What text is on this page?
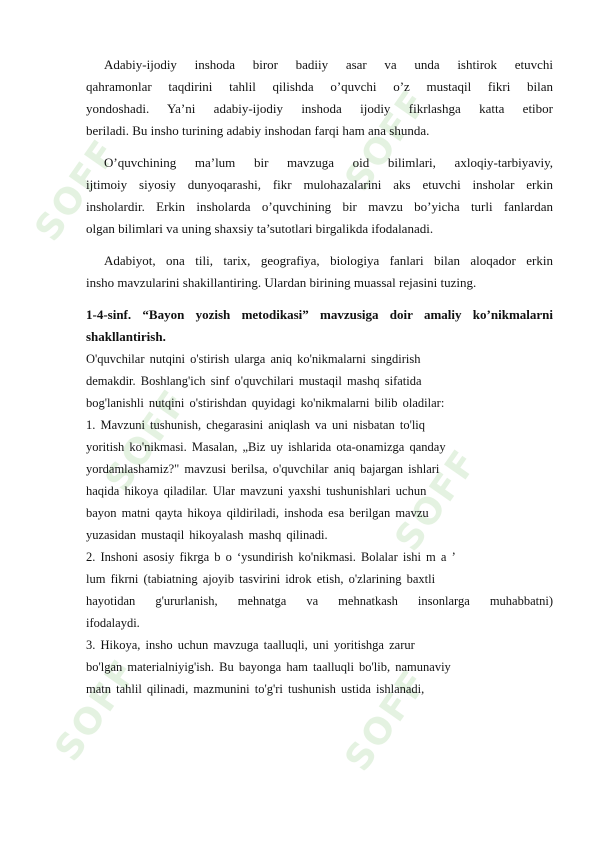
SOFF	SOFF
SOFF
SOFF
SOFF	SOFF

Adabiy-ijodiy inshoda biror badiiy asar va unda ishtirok etuvchi
qahramonlar taqdirini tahlil qilishda o’quvchi o’z mustaqil fikri bilan
yondoshadi. Ya’ni adabiy-ijodiy inshoda ijodiy fikrlashga katta etibor
beriladi. Bu insho turining adabiy inshodan farqi ham ana shunda.

O’quvchining ma’lum bir mavzuga oid bilimlari, axloqiy-tarbiyaviy,
ijtimoiy siyosiy dunyoqarashi, fikr mulohazalarini aks etuvchi insholar erkin
insholardir. Erkin insholarda o’quvchining bir mavzu bo’yicha turli fanlardan
olgan bilimlari va uning shaxsiy ta’sutotlari birgalikda ifodalanadi.

Adabiyot, ona tili, tarix, geografiya, biologiya fanlari bilan aloqador erkin
insho mavzularini shakillantiring. Ulardan birining muassal rejasini tuzing.

1-4-sinf. “Bayon yozish metodikasi” mavzusiga doir amaliy ko’nikmalarni
shakllantirish.

O'quvchilar nutqini o'stirish ularga aniq ko'nikmalarni singdirish
demakdir. Boshlang'ich sinf o'quvchilari mustaqil mashq sifatida
bog'lanishli nutqini o'stirishdan quyidagi ko'nikmalarni bilib oladilar:
1. Mavzuni tushunish, chegarasini aniqlash va uni nisbatan to'liq
yoritish ko'nikmasi. Masalan, „Biz uy ishlarida ota-onamizga qanday
yordamlashamiz?" mavzusi berilsa, o'quvchilar aniq bajargan ishlari
haqida hikoya qiladilar. Ular mavzuni yaxshi tushunishlari uchun
bayon matni qayta hikoya qildiriladi, inshoda esa berilgan mavzu
yuzasidan mustaqil hikoyalash mashq qilinadi.
2. Inshoni asosiy fikrga b o ‘ysundirish ko'nikmasi. Bolalar ishi m a ’
lum fikrni (tabiatning ajoyib tasvirini idrok etish, o'zlarining baxtli
hayotidan g'ururlanish, mehnatga va mehnatkash insonlarga muhabbatni)
ifodalaydi.
3. Hikoya, insho uchun mavzuga taalluqli, uni yoritishga zarur
bo'lgan materialniyig'ish. Bu bayonga ham taalluqli bo'lib, namunaviy
matn tahlil qilinadi, mazmunini to'g'ri tushunish ustida ishlanadi,
